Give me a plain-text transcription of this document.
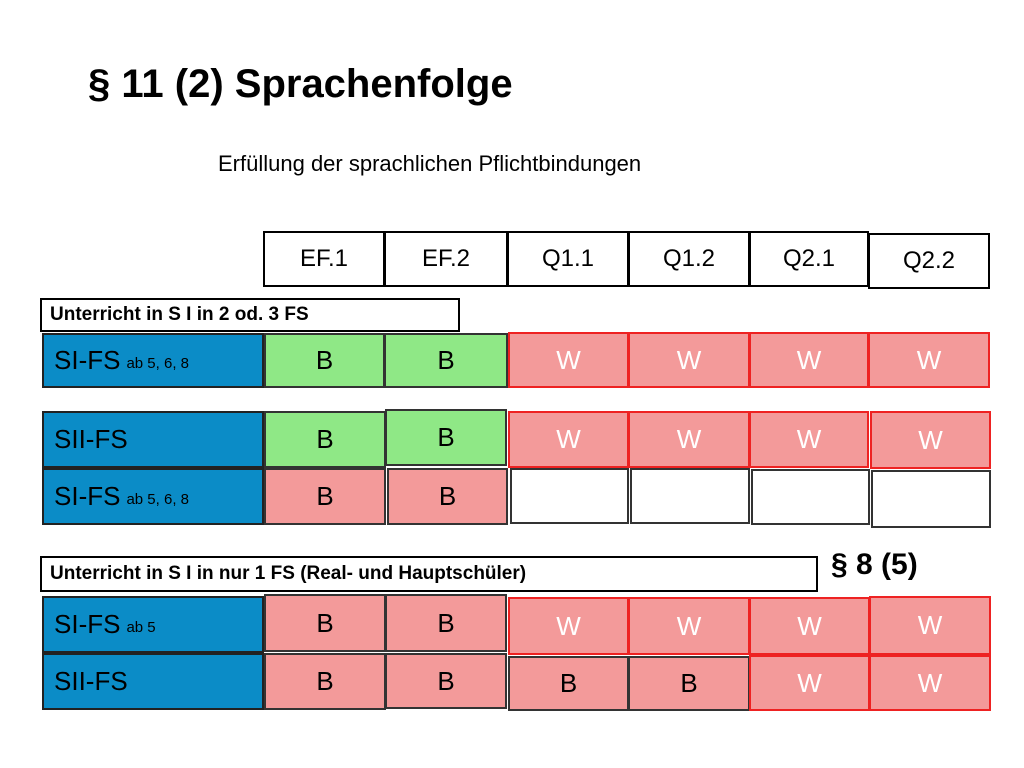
§ 11 (2) Sprachenfolge
Erfüllung der sprachlichen Pflichtbindungen
EF.1	EF.2	Q1.1	Q1.2	Q2.1	Q2.2
Unterricht in S I in 2 od. 3 FS
SI-FS ab 5, 6, 8	B	B	W	W	W	W
SII-FS	B	B	W	W	W	W
SI-FS ab 5, 6, 8	B	B
Unterricht in S I in nur 1 FS (Real- und Hauptschüler)	§ 8 (5)
SI-FS ab 5	B	B	W	W	W	W
SII-FS	B	B	B	B	W	W
